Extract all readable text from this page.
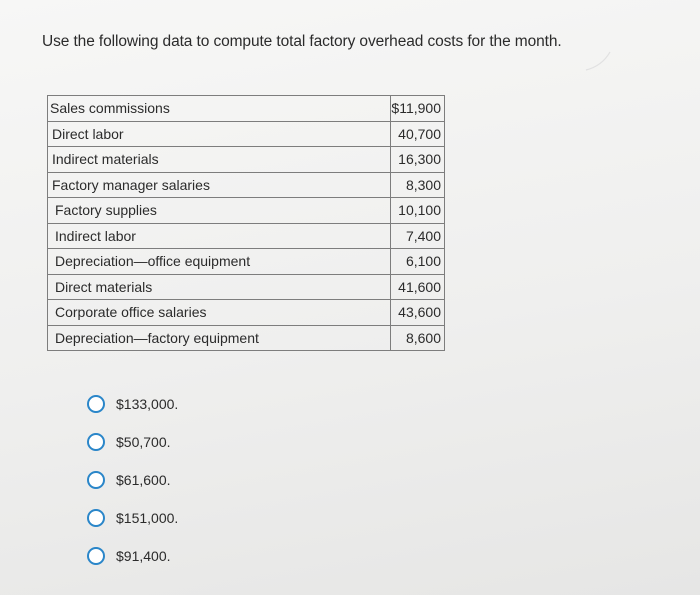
Use the following data to compute total factory overhead costs for the month.

Sales commissions	$11,900
Direct labor	40,700
Indirect materials	16,300
Factory manager salaries	8,300
Factory supplies	10,100
Indirect labor	7,400
Depreciation—office equipment	6,100
Direct materials	41,600
Corporate office salaries	43,600
Depreciation—factory equipment	8,600
$133,000.
$50,700.
$61,600.
$151,000.
$91,400.
